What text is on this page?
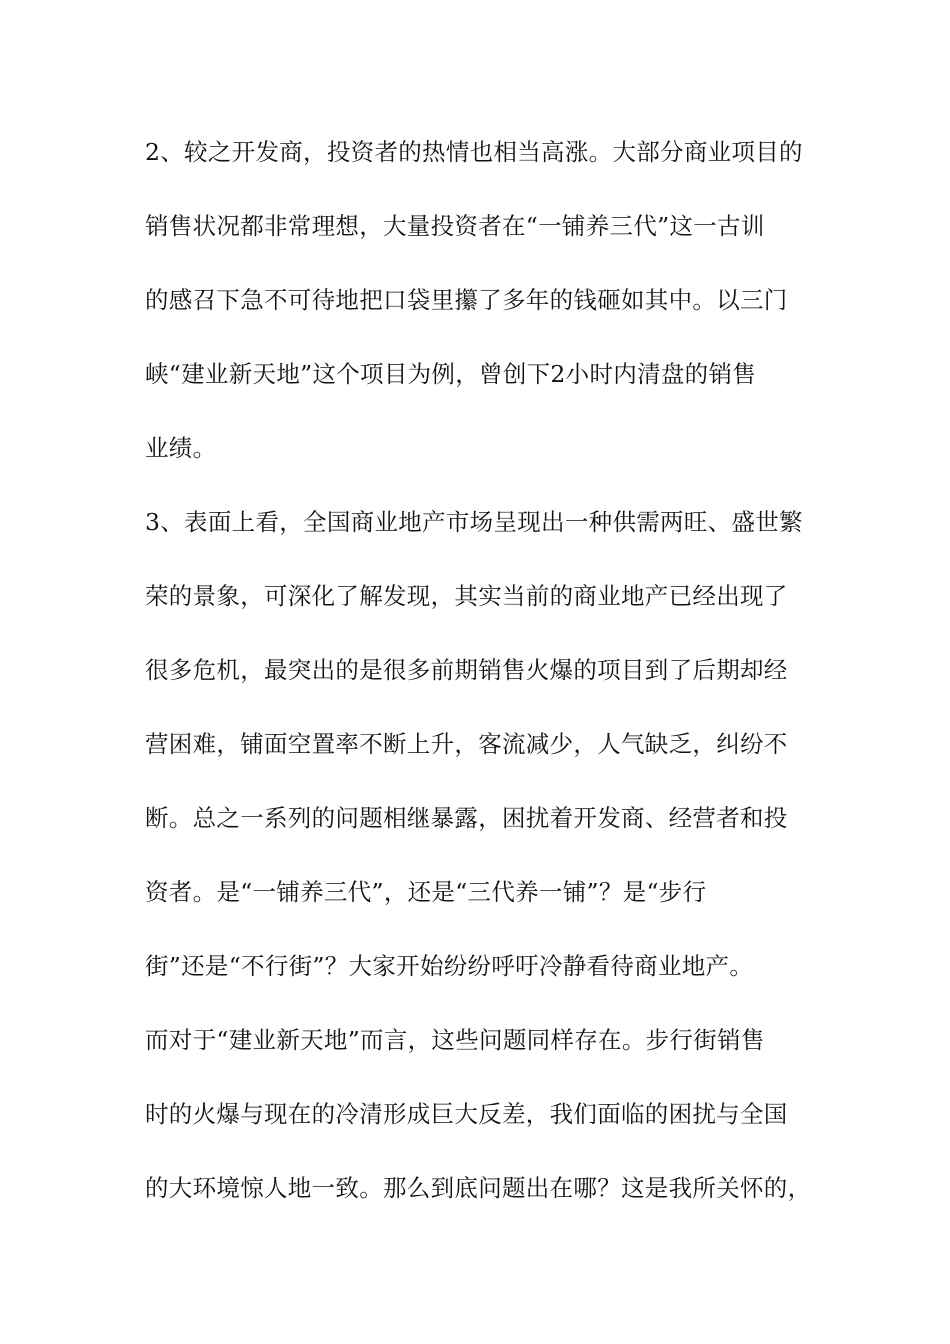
2、较之开发商，投资者的热情也相当高涨。大部分商业项目的
销售状况都非常理想，大量投资者在“一铺养三代”这一古训
的感召下急不可待地把口袋里攥了多年的钱砸如其中。以三门
峡“建业新天地”这个项目为例，曾创下2小时内清盘的销售
业绩。
3、表面上看，全国商业地产市场呈现出一种供需两旺、盛世繁
荣的景象，可深化了解发现，其实当前的商业地产已经出现了
很多危机，最突出的是很多前期销售火爆的项目到了后期却经
营困难，铺面空置率不断上升，客流减少，人气缺乏，纠纷不
断。总之一系列的问题相继暴露，困扰着开发商、经营者和投
资者。是“一铺养三代”，还是“三代养一铺”？是“步行
街”还是“不行街”？大家开始纷纷呼吁冷静看待商业地产。
而对于“建业新天地”而言，这些问题同样存在。步行街销售
时的火爆与现在的冷清形成巨大反差，我们面临的困扰与全国
的大环境惊人地一致。那么到底问题出在哪？这是我所关怀的，
